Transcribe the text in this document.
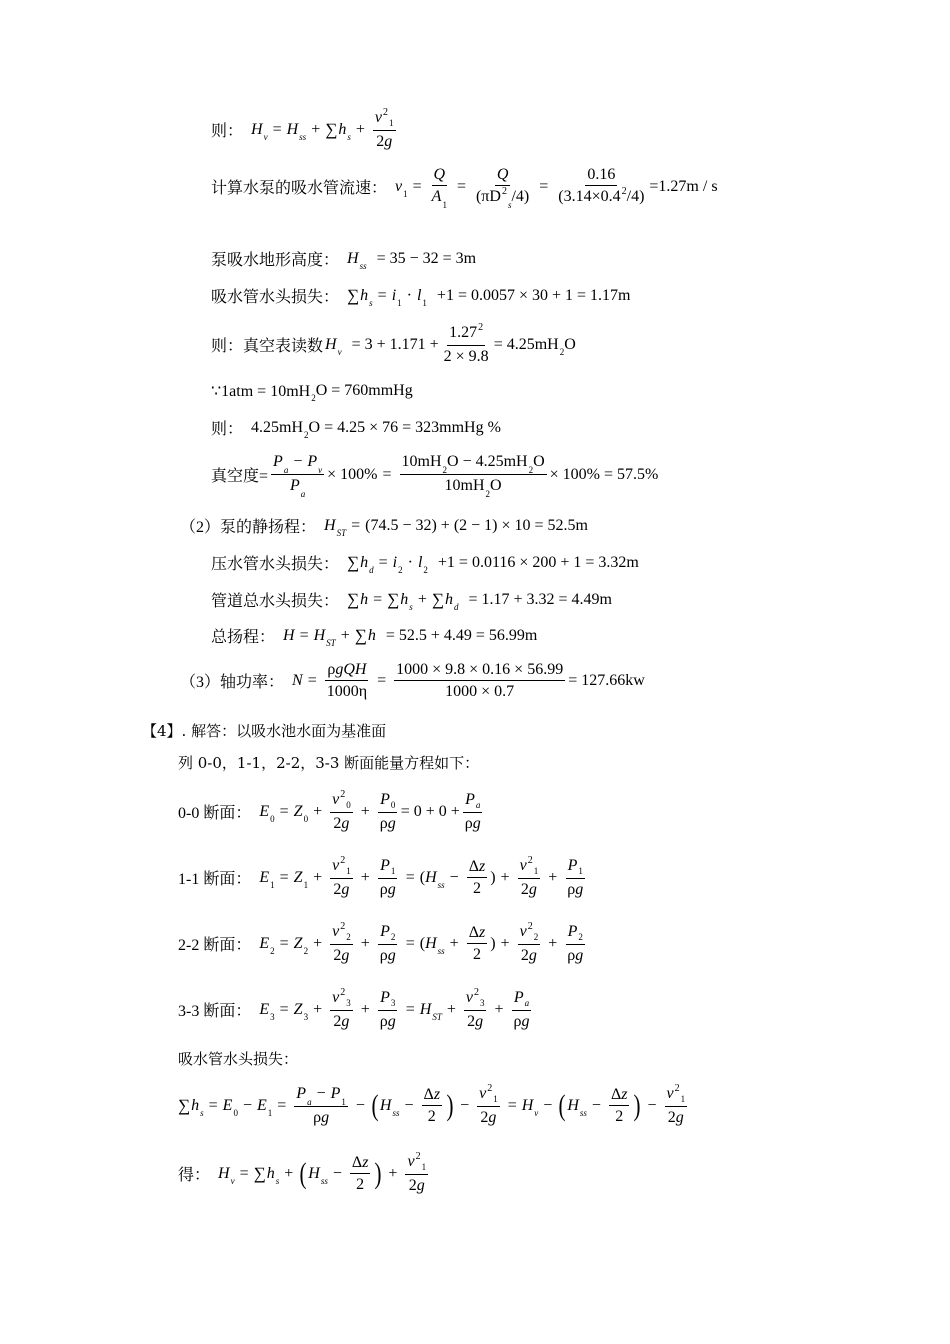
则： H v = H ss + ∑ h $s + \frac{v^2_1}{2g}$
计算水泵的吸水管流速： v $1 = \frac{Q}{A_1} = \frac{Q}{(\pi D^2_s/4)} = \frac{0.16}{(3.14\times 0.4^2/4)} =1.27m / s$
泵吸水地形高度： H ss = 35 − 32 = 3m
吸水管水头损失： ∑ h s = i 1 · l 1 +1 = 0.0057 × 30 + 1 = 1.17m
则：真空表读数 H $v = 3 + 1.171 + \frac{1.27^2}{2 \times 9.8} = 4.25mH$ 2 O
∵1atm = 10mH 2 O = 760mmHg
则： 4.25mH 2 O = 4.25 × 76 = 323mmHg %
真空度= $\frac{P_a - P_v}{P_a} \times 100\% = \frac{10mH_2O - 4.25mH_2O}{10mH_2O} \times 100\% = 57.5\%$
（2）泵的静扬程： H ST = (74.5 − 32) + (2 − 1) × 10 = 52.5m
压水管水头损失： ∑ h d = i 2 · l 2 +1 = 0.0116 × 200 + 1 = 3.32m
管道总水头损失： ∑ h = ∑ h s + ∑ h d = 1.17 + 3.32 = 4.49m
总扬程： H = H ST + ∑ h = 52.5 + 4.49 = 56.99m
（3）轴功率： $N = \frac{\text{ρgQH}}{1000\eta} = \frac{1000 \times 9.8 \times 0.16 \times 56.99}{1000 \times 0.7} = 127.66kw$
【4】. 解答：以吸水池水面为基准面
列 0-0，1-1，2-2，3-3 断面能量方程如下：
0-0 断面： E 0 = Z $0 + \frac{v^2_0}{2g} + \frac{P_0}{\rho g} = 0 + 0 + \frac{P_a}{\rho g}$
1-1 断面： E 1 = Z $1 + \frac{v^2_1}{2g} + \frac{P_1}{\rho g}$ = ( H ss − $\frac{\Delta z}{2}$ ) + $\frac{v^2_1}{2g} + \frac{P_1}{\rho g}$
2-2 断面： E 2 = Z $2 + \frac{v^2_2}{2g} + \frac{P_2}{\rho g}$ = ( H ss + $\frac{\Delta z}{2}$ ) + $\frac{v^2_2}{2g} + \frac{P_2}{\rho g}$
3-3 断面： E 3 = Z $3 + \frac{v^2_3}{2g} + \frac{P_3}{\rho g} = H$ ST + $\frac{v^2_3}{2g} + \frac{P_a}{\rho g}$
吸水管水头损失：
∑ h s = E 0 − E $1 = \frac{P_a - P_1}{\rho g}$ − ( H ss − $\frac{\Delta z}{2}$ ) − $\frac{v^2_1}{2g} = H$ v − ( H ss − $\frac{\Delta z}{2}$ ) − $\frac{v^2_1}{2g}$
得： H v = ∑ h s + ( H ss − $\frac{\Delta z}{2}$ ) + $\frac{v^2_1}{2g}$
